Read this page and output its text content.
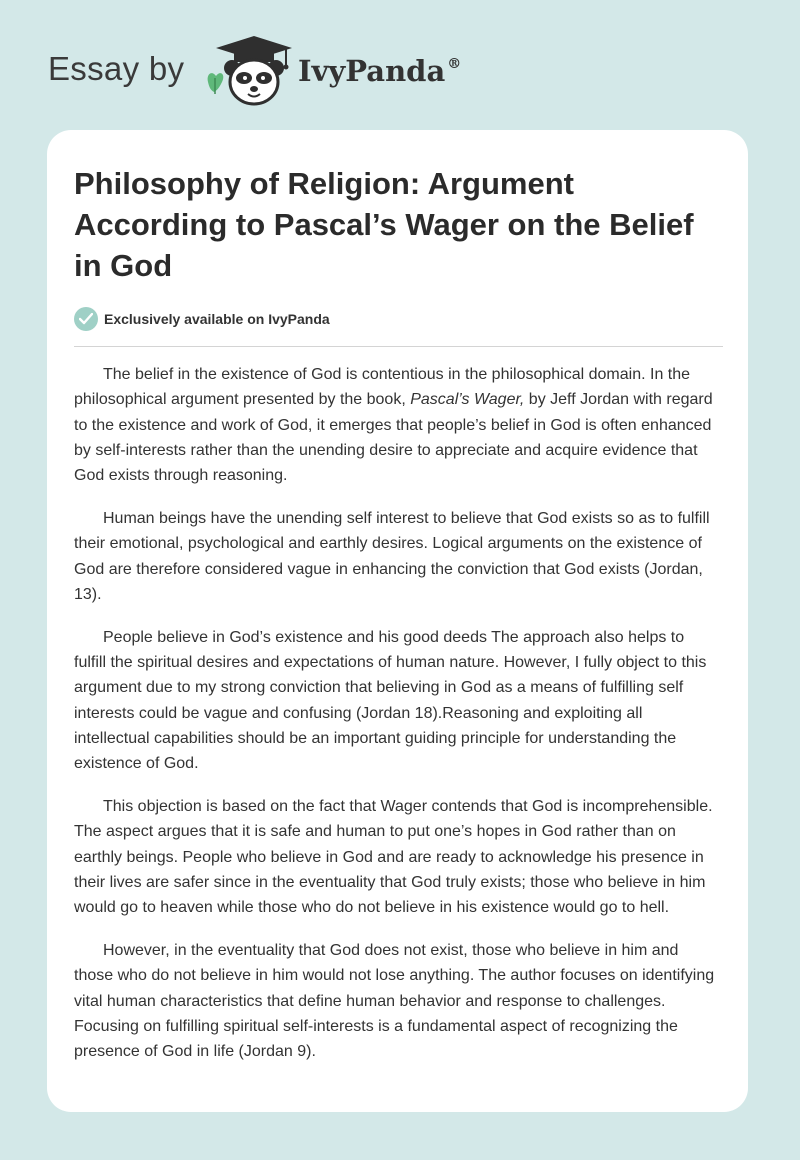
Essay by	IvyPanda ®
Philosophy of Religion: Argument According to Pascal’s Wager on the Belief in God
Exclusively available on IvyPanda

The belief in the existence of God is contentious in the philosophical domain. In the philosophical argument presented by the book, Pascal’s Wager, by Jeff Jordan with regard to the existence and work of God, it emerges that people’s belief in God is often enhanced by self-interests rather than the unending desire to appreciate and acquire evidence that God exists through reasoning.

Human beings have the unending self interest to believe that God exists so as to fulfill their emotional, psychological and earthly desires. Logical arguments on the existence of God are therefore considered vague in enhancing the conviction that God exists (Jordan, 13).

People believe in God’s existence and his good deeds The approach also helps to fulfill the spiritual desires and expectations of human nature. However, I fully object to this argument due to my strong conviction that believing in God as a means of fulfilling self interests could be vague and confusing (Jordan 18).Reasoning and exploiting all intellectual capabilities should be an important guiding principle for understanding the existence of God.

This objection is based on the fact that Wager contends that God is incomprehensible. The aspect argues that it is safe and human to put one’s hopes in God rather than on earthly beings. People who believe in God and are ready to acknowledge his presence in their lives are safer since in the eventuality that God truly exists; those who believe in him would go to heaven while those who do not believe in his existence would go to hell.

However, in the eventuality that God does not exist, those who believe in him and those who do not believe in him would not lose anything. The author focuses on identifying vital human characteristics that define human behavior and response to challenges. Focusing on fulfilling spiritual self-interests is a fundamental aspect of recognizing the presence of God in life (Jordan 9).
